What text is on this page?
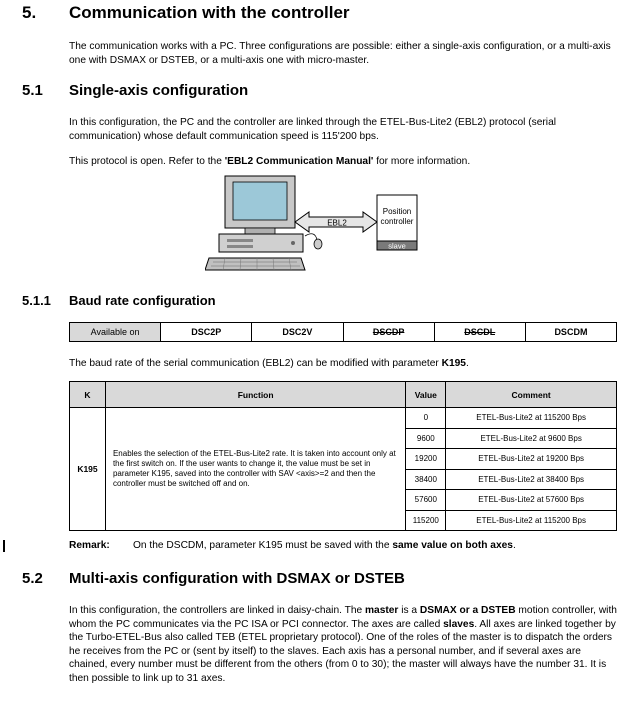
5. Communication with the controller
The communication works with a PC. Three configurations are possible: either a single-axis configuration, or a multi-axis one with DSMAX or DSTEB, or a multi-axis one with micro-master.
5.1 Single-axis configuration
In this configuration, the PC and the controller are linked through the ETEL-Bus-Lite2 (EBL2) protocol (serial communication) whose default communication speed is 115'200 bps.
This protocol is open. Refer to the 'EBL2 Communication Manual' for more information.
EBL2
Position
controller
slave
5.1.1 Baud rate configuration
Available on	DSC2P	DSC2V	DSCDP	DSCDL	DSCDM
The baud rate of the serial communication (EBL2) can be modified with parameter K195.
K	Function	Value	Comment
K195	Enables the selection of the ETEL-Bus-Lite2 rate. It is taken into account only at the first switch on. If the user wants to change it, the value must be set in parameter K195, saved into the controller with SAV <axis>=2 and then the controller must be switched off and on.	0	ETEL-Bus-Lite2 at 115200 Bps
		9600	ETEL-Bus-Lite2 at 9600 Bps
		19200	ETEL-Bus-Lite2 at 19200 Bps
		38400	ETEL-Bus-Lite2 at 38400 Bps
		57600	ETEL-Bus-Lite2 at 57600 Bps
		115200	ETEL-Bus-Lite2 at 115200 Bps
Remark: On the DSCDM, parameter K195 must be saved with the same value on both axes.
5.2 Multi-axis configuration with DSMAX or DSTEB
In this configuration, the controllers are linked in daisy-chain. The master is a DSMAX or a DSTEB motion controller, with whom the PC communicates via the PC ISA or PCI connector. The axes are called slaves. All axes are linked together by the Turbo-ETEL-Bus also called TEB (ETEL proprietary protocol). One of the roles of the master is to dispatch the orders he receives from the PC or (sent by itself) to the slaves. Each axis has a personal number, and if several axes are chained, every number must be different from the others (from 0 to 30); the master will always have the number 31. It is then possible to link up to 31 axes.
